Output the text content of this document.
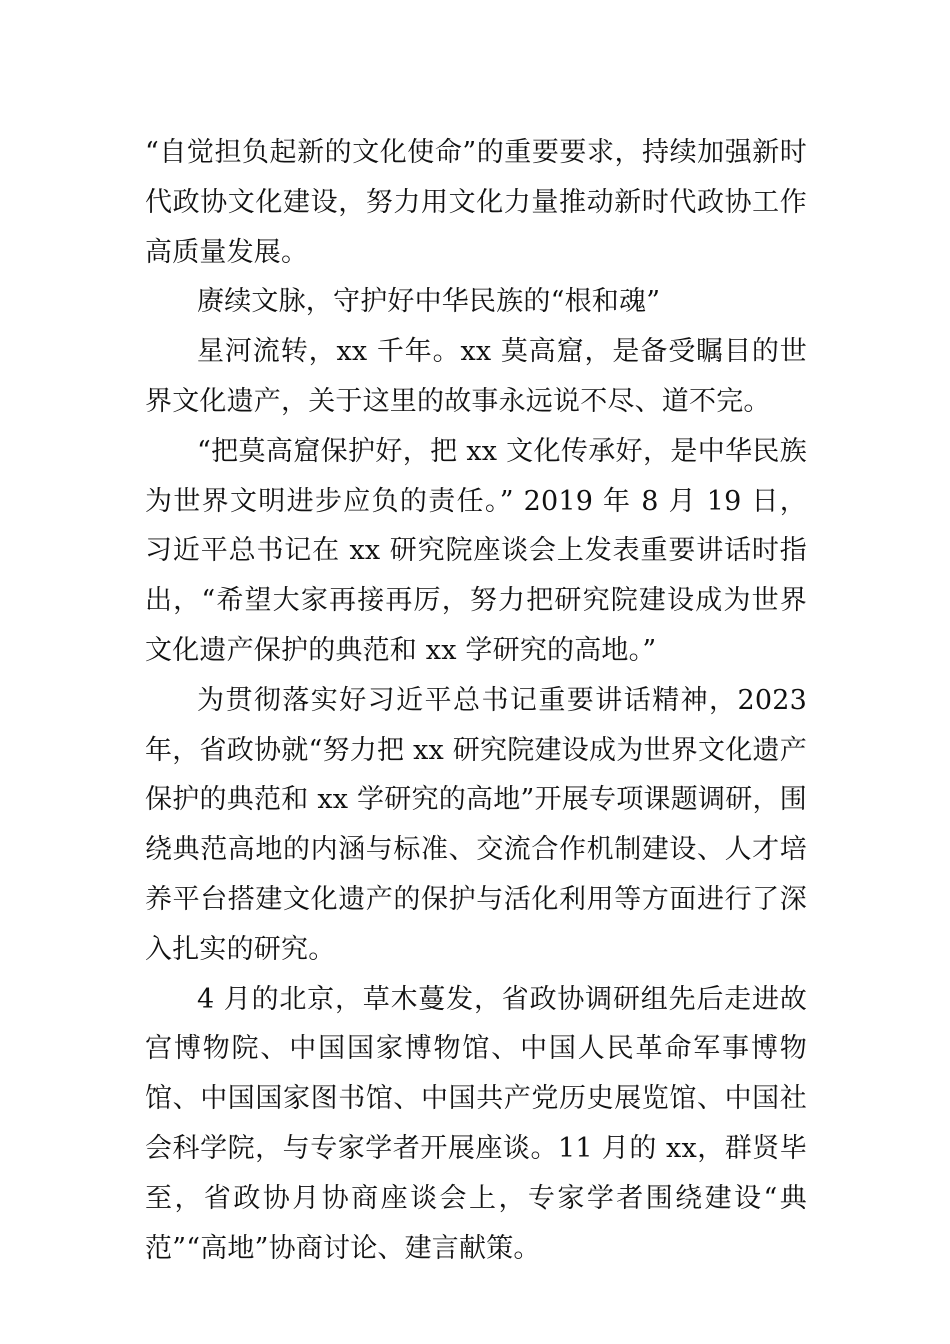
“自觉担负起新的文化使命”的重要要求，持续加强新时代政协文化建设，努力用文化力量推动新时代政协工作高质量发展。

赓续文脉，守护好中华民族的“根和魂”

星河流转，xx 千年。xx 莫高窟，是备受瞩目的世界文化遗产，关于这里的故事永远说不尽、道不完。

“把莫高窟保护好，把 xx 文化传承好，是中华民族为世界文明进步应负的责任。” 2019 年 8 月 19 日，习近平总书记在 xx 研究院座谈会上发表重要讲话时指出，“希望大家再接再厉，努力把研究院建设成为世界文化遗产保护的典范和 xx 学研究的高地。”

为贯彻落实好习近平总书记重要讲话精神，2023 年，省政协就“努力把 xx 研究院建设成为世界文化遗产保护的典范和 xx 学研究的高地”开展专项课题调研，围绕典范高地的内涵与标准、交流合作机制建设、人才培养平台搭建文化遗产的保护与活化利用等方面进行了深入扎实的研究。

4 月的北京，草木蔓发，省政协调研组先后走进故宫博物院、中国国家博物馆、中国人民革命军事博物馆、中国国家图书馆、中国共产党历史展览馆、中国社会科学院，与专家学者开展座谈。11 月的 xx，群贤毕至，省政协月协商座谈会上，专家学者围绕建设“典范”“高地”协商讨论、建言献策。
